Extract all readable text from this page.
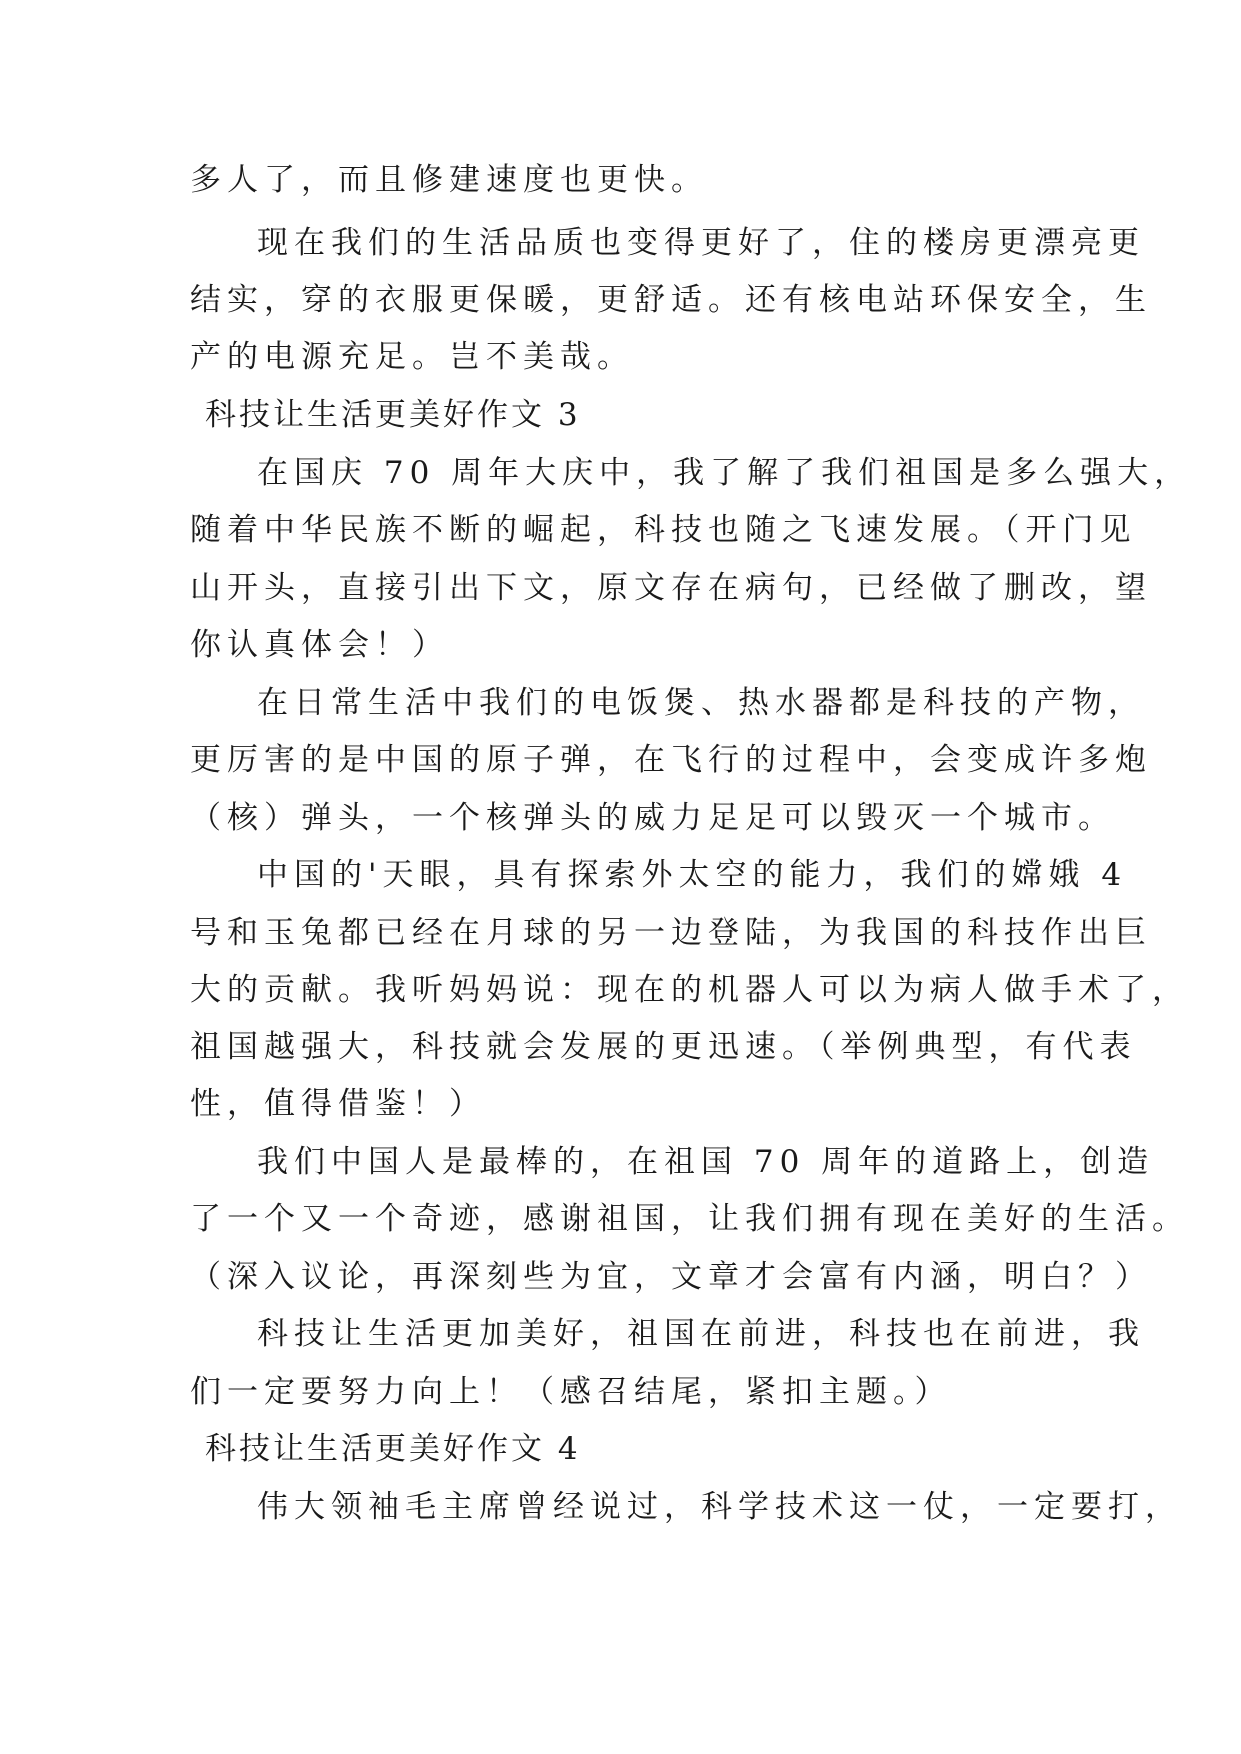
多人了，而且修建速度也更快。
现在我们的生活品质也变得更好了，住的楼房更漂亮更
结实，穿的衣服更保暖，更舒适。还有核电站环保安全，生
产的电源充足。岂不美哉。
科技让生活更美好作文 3
在国庆 70 周年大庆中，我了解了我们祖国是多么强大，
随着中华民族不断的崛起，科技也随之飞速发展。（开门见
山开头，直接引出下文，原文存在病句，已经做了删改，望
你认真体会！）
在日常生活中我们的电饭煲、热水器都是科技的产物，
更厉害的是中国的原子弹，在飞行的过程中，会变成许多炮
（核）弹头，一个核弹头的威力足足可以毁灭一个城市。
中国的'天眼，具有探索外太空的能力，我们的嫦娥 4
号和玉兔都已经在月球的另一边登陆，为我国的科技作出巨
大的贡献。我听妈妈说：现在的机器人可以为病人做手术了，
祖国越强大，科技就会发展的更迅速。（举例典型，有代表
性，值得借鉴！）
我们中国人是最棒的，在祖国 70 周年的道路上，创造
了一个又一个奇迹，感谢祖国，让我们拥有现在美好的生活。
（深入议论，再深刻些为宜，文章才会富有内涵，明白？）
科技让生活更加美好，祖国在前进，科技也在前进，我
们一定要努力向上！（感召结尾，紧扣主题。）
科技让生活更美好作文 4
伟大领袖毛主席曾经说过，科学技术这一仗，一定要打，
